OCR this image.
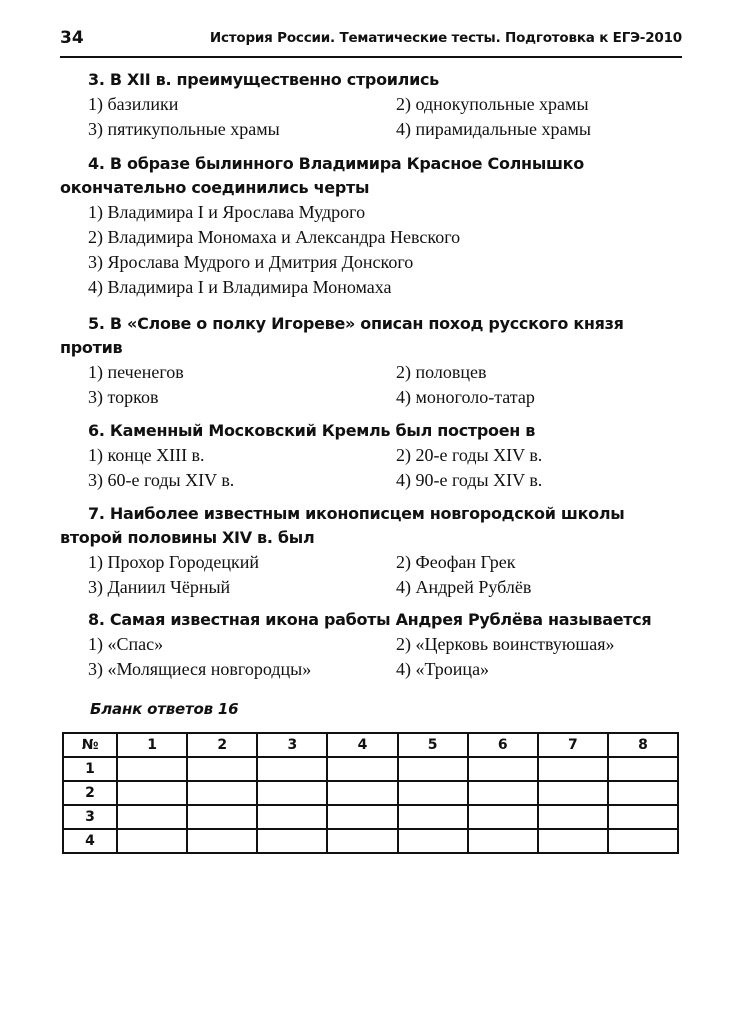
34	История России. Тематические тесты. Подготовка к ЕГЭ-2010
3. В XII в. преимущественно строились
1) базилики	2) однокупольные храмы
3) пятикупольные храмы	4) пирамидальные храмы
4. В образе былинного Владимира Красное Солнышко окончательно соединились черты
1) Владимира I и Ярослава Мудрого
2) Владимира Мономаха и Александра Невского
3) Ярослава Мудрого и Дмитрия Донского
4) Владимира I и Владимира Мономаха
5. В «Слове о полку Игореве» описан поход русского князя против
1) печенегов	2) половцев
3) торков	4) моноголо-татар
6. Каменный Московский Кремль был построен в
1) конце XIII в.	2) 20-е годы XIV в.
3) 60-е годы XIV в.	4) 90-е годы XIV в.
7. Наиболее известным иконописцем новгородской школы второй половины XIV в. был
1) Прохор Городецкий	2) Феофан Грек
3) Даниил Чёрный	4) Андрей Рублёв
8. Самая известная икона работы Андрея Рублёва называется
1) «Спас»	2) «Церковь воинствуюшая»
3) «Молящиеся новгородцы»	4) «Троица»
Бланк ответов 16
№	1	2	3	4	5	6	7	8
1								
2								
3								
4								
